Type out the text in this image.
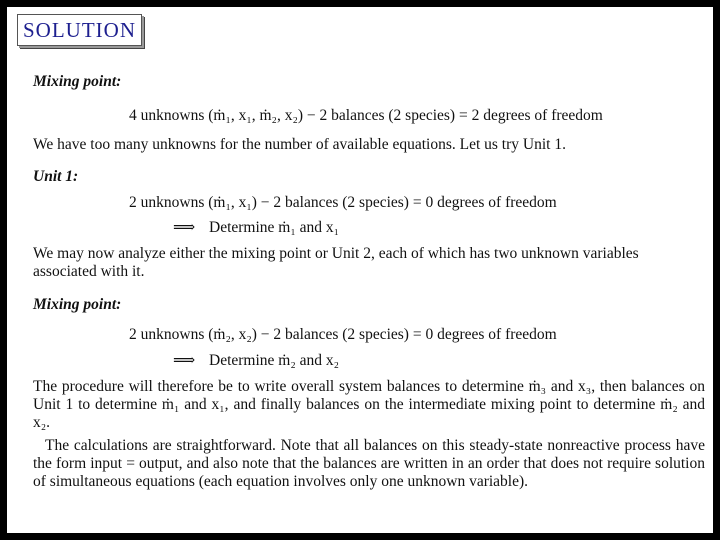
SOLUTION
Mixing point:
4 unknowns (ṁ₁, x₁, ṁ₂, x₂) − 2 balances (2 species) = 2 degrees of freedom
We have too many unknowns for the number of available equations. Let us try Unit 1.
Unit 1:
2 unknowns (ṁ₁, x₁) − 2 balances (2 species) = 0 degrees of freedom
⟹ Determine ṁ₁ and x₁
We may now analyze either the mixing point or Unit 2, each of which has two unknown variables associated with it.
Mixing point:
2 unknowns (ṁ₂, x₂) − 2 balances (2 species) = 0 degrees of freedom
⟹ Determine ṁ₂ and x₂
The procedure will therefore be to write overall system balances to determine ṁ₃ and x₃, then balances on Unit 1 to determine ṁ₁ and x₁, and finally balances on the intermediate mixing point to determine ṁ₂ and x₂.
The calculations are straightforward. Note that all balances on this steady-state nonreactive process have the form input = output, and also note that the balances are written in an order that does not require solution of simultaneous equations (each equation involves only one unknown variable).
